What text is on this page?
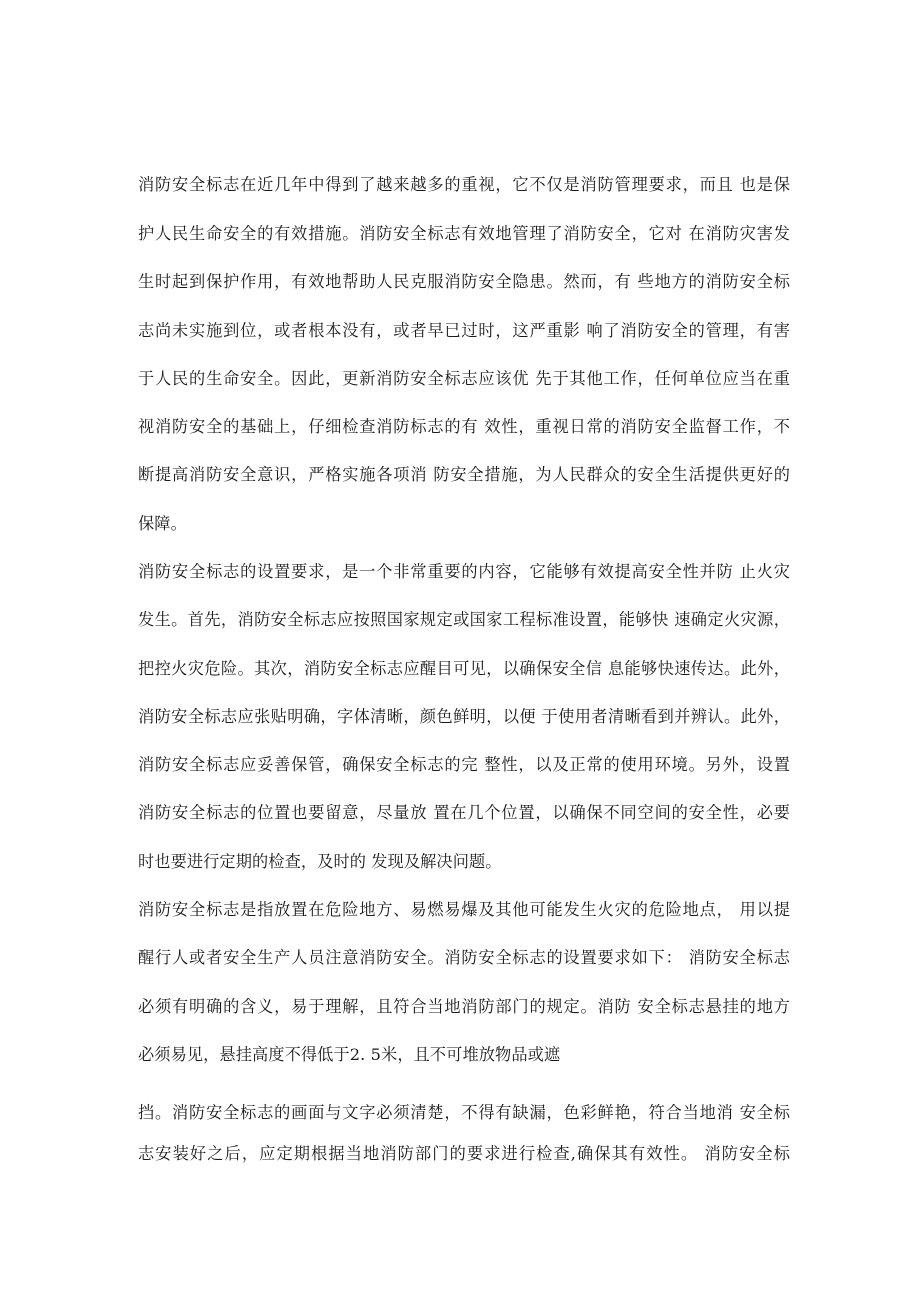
消防安全标志在近几年中得到了越来越多的重视，它不仅是消防管理要求，而且 也是保
护人民生命安全的有效措施。消防安全标志有效地管理了消防安全，它对 在消防灾害发
生时起到保护作用，有效地帮助人民克服消防安全隐患。然而，有 些地方的消防安全标
志尚未实施到位，或者根本没有，或者早已过时，这严重影 响了消防安全的管理，有害
于人民的生命安全。因此，更新消防安全标志应该优 先于其他工作，任何单位应当在重
视消防安全的基础上，仔细检查消防标志的有 效性，重视日常的消防安全监督工作，不
断提高消防安全意识，严格实施各项消 防安全措施，为人民群众的安全生活提供更好的
保障。
消防安全标志的设置要求，是一个非常重要的内容，它能够有效提高安全性并防 止火灾
发生。首先，消防安全标志应按照国家规定或国家工程标准设置，能够快 速确定火灾源，
把控火灾危险。其次，消防安全标志应醒目可见，以确保安全信 息能够快速传达。此外，
消防安全标志应张贴明确，字体清晰，颜色鲜明，以便 于使用者清晰看到并辨认。此外，
消防安全标志应妥善保管，确保安全标志的完 整性，以及正常的使用环境。另外，设置
消防安全标志的位置也要留意，尽量放 置在几个位置，以确保不同空间的安全性，必要
时也要进行定期的检查，及时的 发现及解决问题。
消防安全标志是指放置在危险地方、易燃易爆及其他可能发生火灾的危险地点， 用以提
醒行人或者安全生产人员注意消防安全。消防安全标志的设置要求如下： 消防安全标志
必须有明确的含义，易于理解，且符合当地消防部门的规定。消防 安全标志悬挂的地方
必须易见，悬挂高度不得低于2. 5米，且不可堆放物品或遮
挡。消防安全标志的画面与文字必须清楚，不得有缺漏，色彩鲜艳，符合当地消 安全标
志安装好之后，应定期根据当地消防部门的要求进行检查,确保其有效性。 消防安全标
